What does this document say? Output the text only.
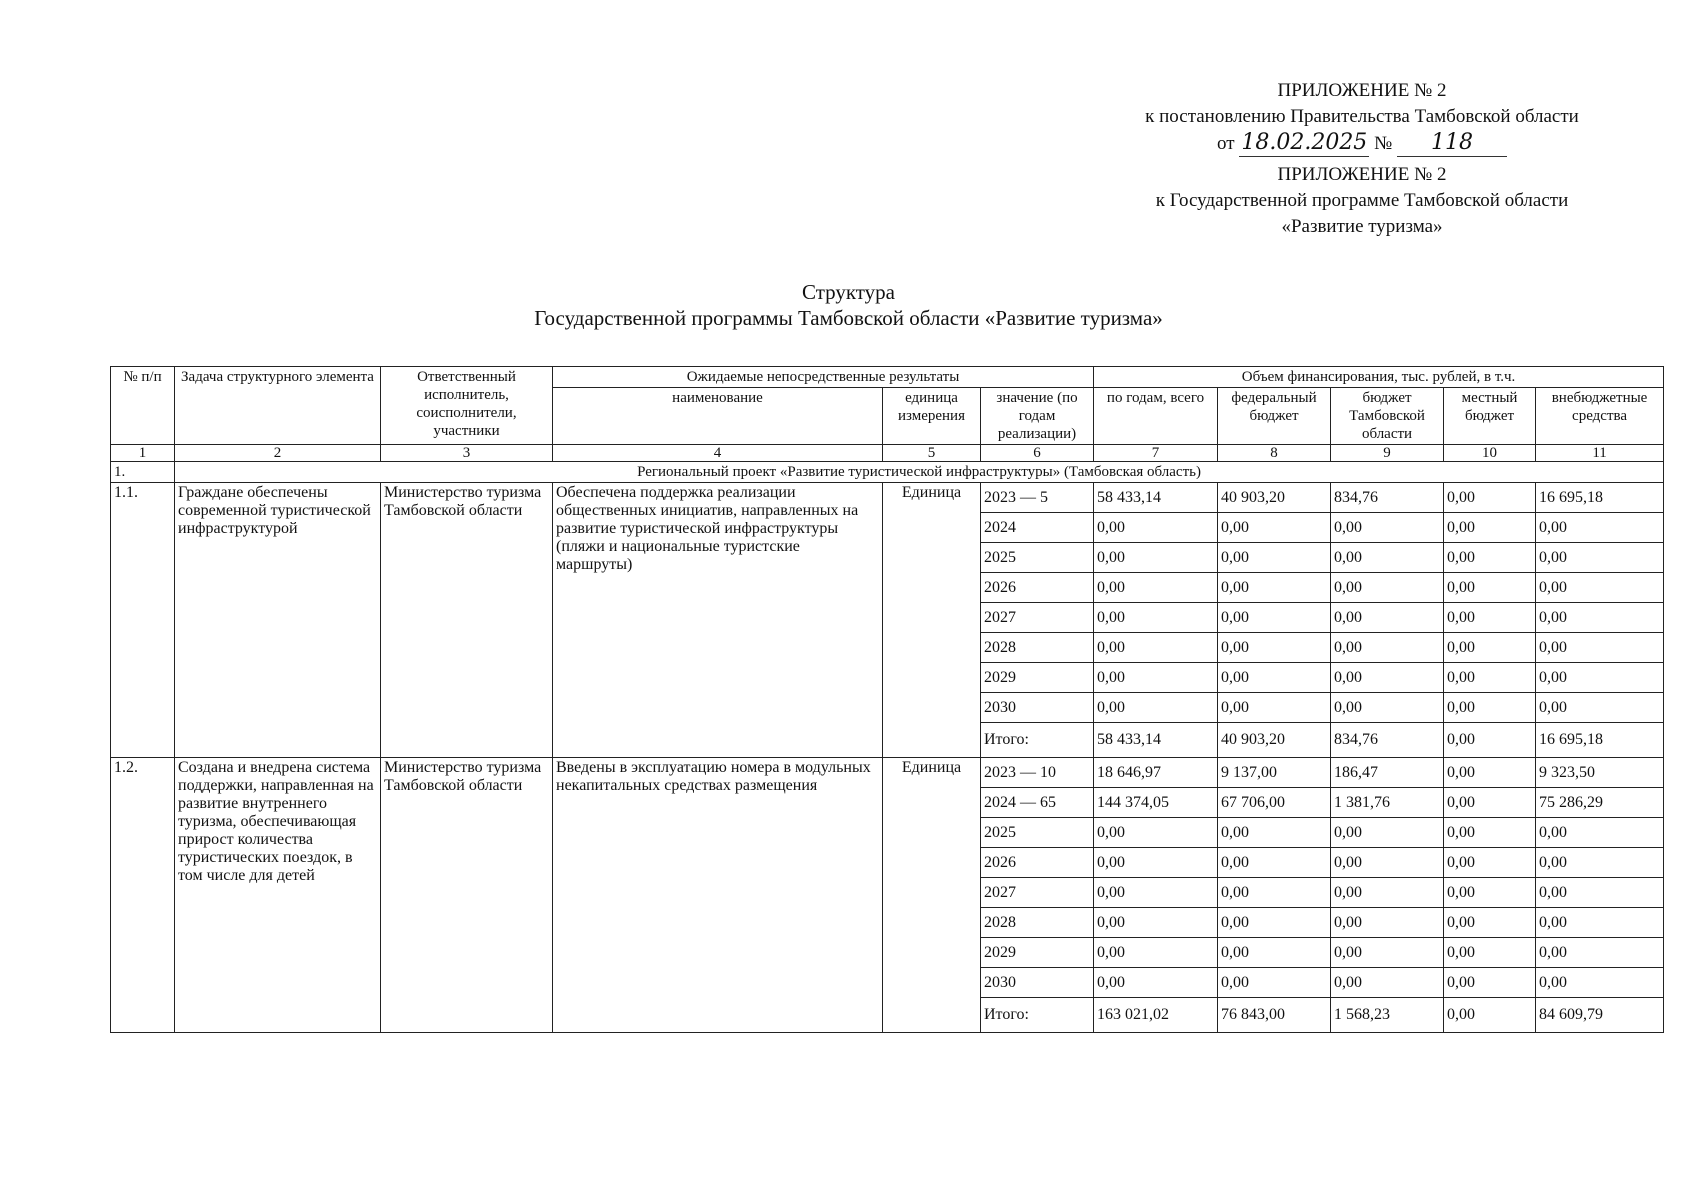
ПРИЛОЖЕНИЕ № 2
к постановлению Правительства Тамбовской области
от 18.02.2025 № 118
ПРИЛОЖЕНИЕ № 2
к Государственной программе Тамбовской области
«Развитие туризма»
Структура
Государственной программы Тамбовской области «Развитие туризма»
№ п/п	Задача структурного элемента	Ответственный исполнитель, соисполнители, участники	Ожидаемые непосредственные результаты			Объем финансирования, тыс. рублей, в т.ч.				
			наименование	единица измерения	значение (по годам реализации)	по годам, всего	федеральный бюджет	бюджет Тамбовской области	местный бюджет	внебюджетные средства
1	2	3	4	5	6	7	8	9	10	11
1.	Региональный проект «Развитие туристической инфраструктуры» (Тамбовская область)									
1.1.	Граждане обеспечены современной туристической инфраструктурой	Министерство туризма Тамбовской области	Обеспечена поддержка реализации общественных инициатив, направленных на развитие туристической инфраструктуры (пляжи и национальные туристские маршруты)	Единица	2023 — 5	58 433,14	40 903,20	834,76	0,00	16 695,18
					2024	0,00	0,00	0,00	0,00	0,00
					2025	0,00	0,00	0,00	0,00	0,00
					2026	0,00	0,00	0,00	0,00	0,00
					2027	0,00	0,00	0,00	0,00	0,00
					2028	0,00	0,00	0,00	0,00	0,00
					2029	0,00	0,00	0,00	0,00	0,00
					2030	0,00	0,00	0,00	0,00	0,00
					Итого:	58 433,14	40 903,20	834,76	0,00	16 695,18
1.2.	Создана и внедрена система поддержки, направленная на развитие внутреннего туризма, обеспечивающая прирост количества туристических поездок, в том числе для детей	Министерство туризма Тамбовской области	Введены в эксплуатацию номера в модульных некапитальных средствах размещения	Единица	2023 — 10	18 646,97	9 137,00	186,47	0,00	9 323,50
					2024 — 65	144 374,05	67 706,00	1 381,76	0,00	75 286,29
					2025	0,00	0,00	0,00	0,00	0,00
					2026	0,00	0,00	0,00	0,00	0,00
					2027	0,00	0,00	0,00	0,00	0,00
					2028	0,00	0,00	0,00	0,00	0,00
					2029	0,00	0,00	0,00	0,00	0,00
					2030	0,00	0,00	0,00	0,00	0,00
					Итого:	163 021,02	76 843,00	1 568,23	0,00	84 609,79
